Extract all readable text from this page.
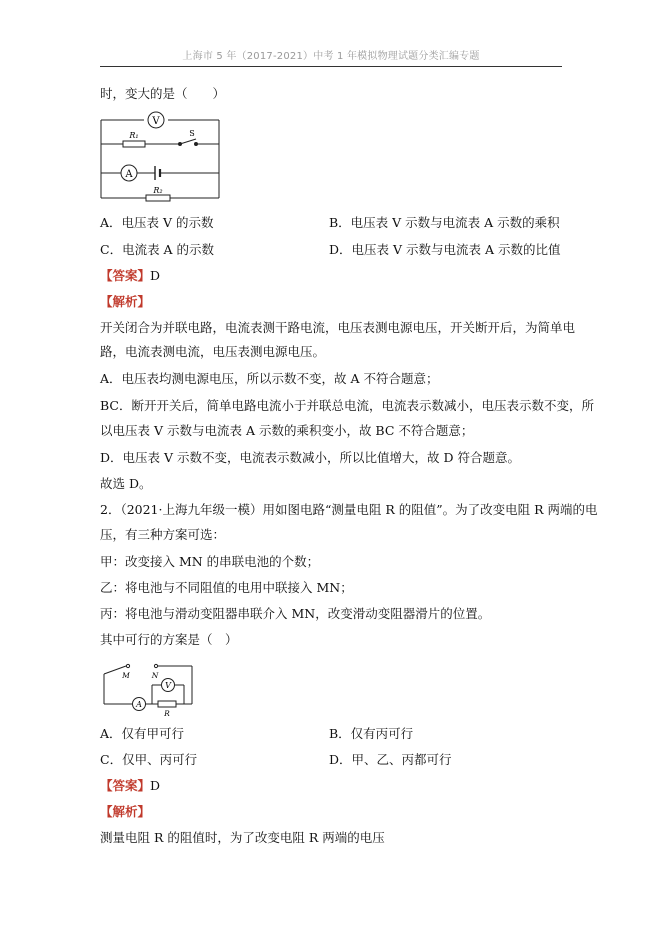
上海市 5 年（2017-2021）中考 1 年模拟物理试题分类汇编专题
时，变大的是（　　）
V
A
R₁	S
R₂
A．电压表 V 的示数	B．电压表 V 示数与电流表 A 示数的乘积
C．电流表 A 的示数	D．电压表 V 示数与电流表 A 示数的比值
【答案】D
【解析】
开关闭合为并联电路，电流表测干路电流，电压表测电源电压，开关断开后，为简单电
路，电流表测电流，电压表测电源电压。
A．电压表均测电源电压，所以示数不变，故 A 不符合题意；
BC．断开开关后，简单电路电流小于并联总电流，电流表示数减小，电压表示数不变，所
以电压表 V 示数与电流表 A 示数的乘积变小，故 BC 不符合题意；
D．电压表 V 示数不变，电流表示数减小，所以比值增大，故 D 符合题意。
故选 D。
2．（2021·上海九年级一模）用如图电路“测量电阻 R 的阻值”。为了改变电阻 R 两端的电
压，有三种方案可选：
甲：改变接入 MN 的串联电池的个数；
乙：将电池与不同阻值的电用中联接入 MN；
丙：将电池与滑动变阻器串联介入 MN，改变滑动变阻器滑片的位置。
其中可行的方案是（　）
M	N
A
V
R
A．仅有甲可行	B．仅有丙可行
C．仅甲、丙可行	D．甲、乙、丙都可行
【答案】D
【解析】
测量电阻 R 的阻值时，为了改变电阻 R 两端的电压
